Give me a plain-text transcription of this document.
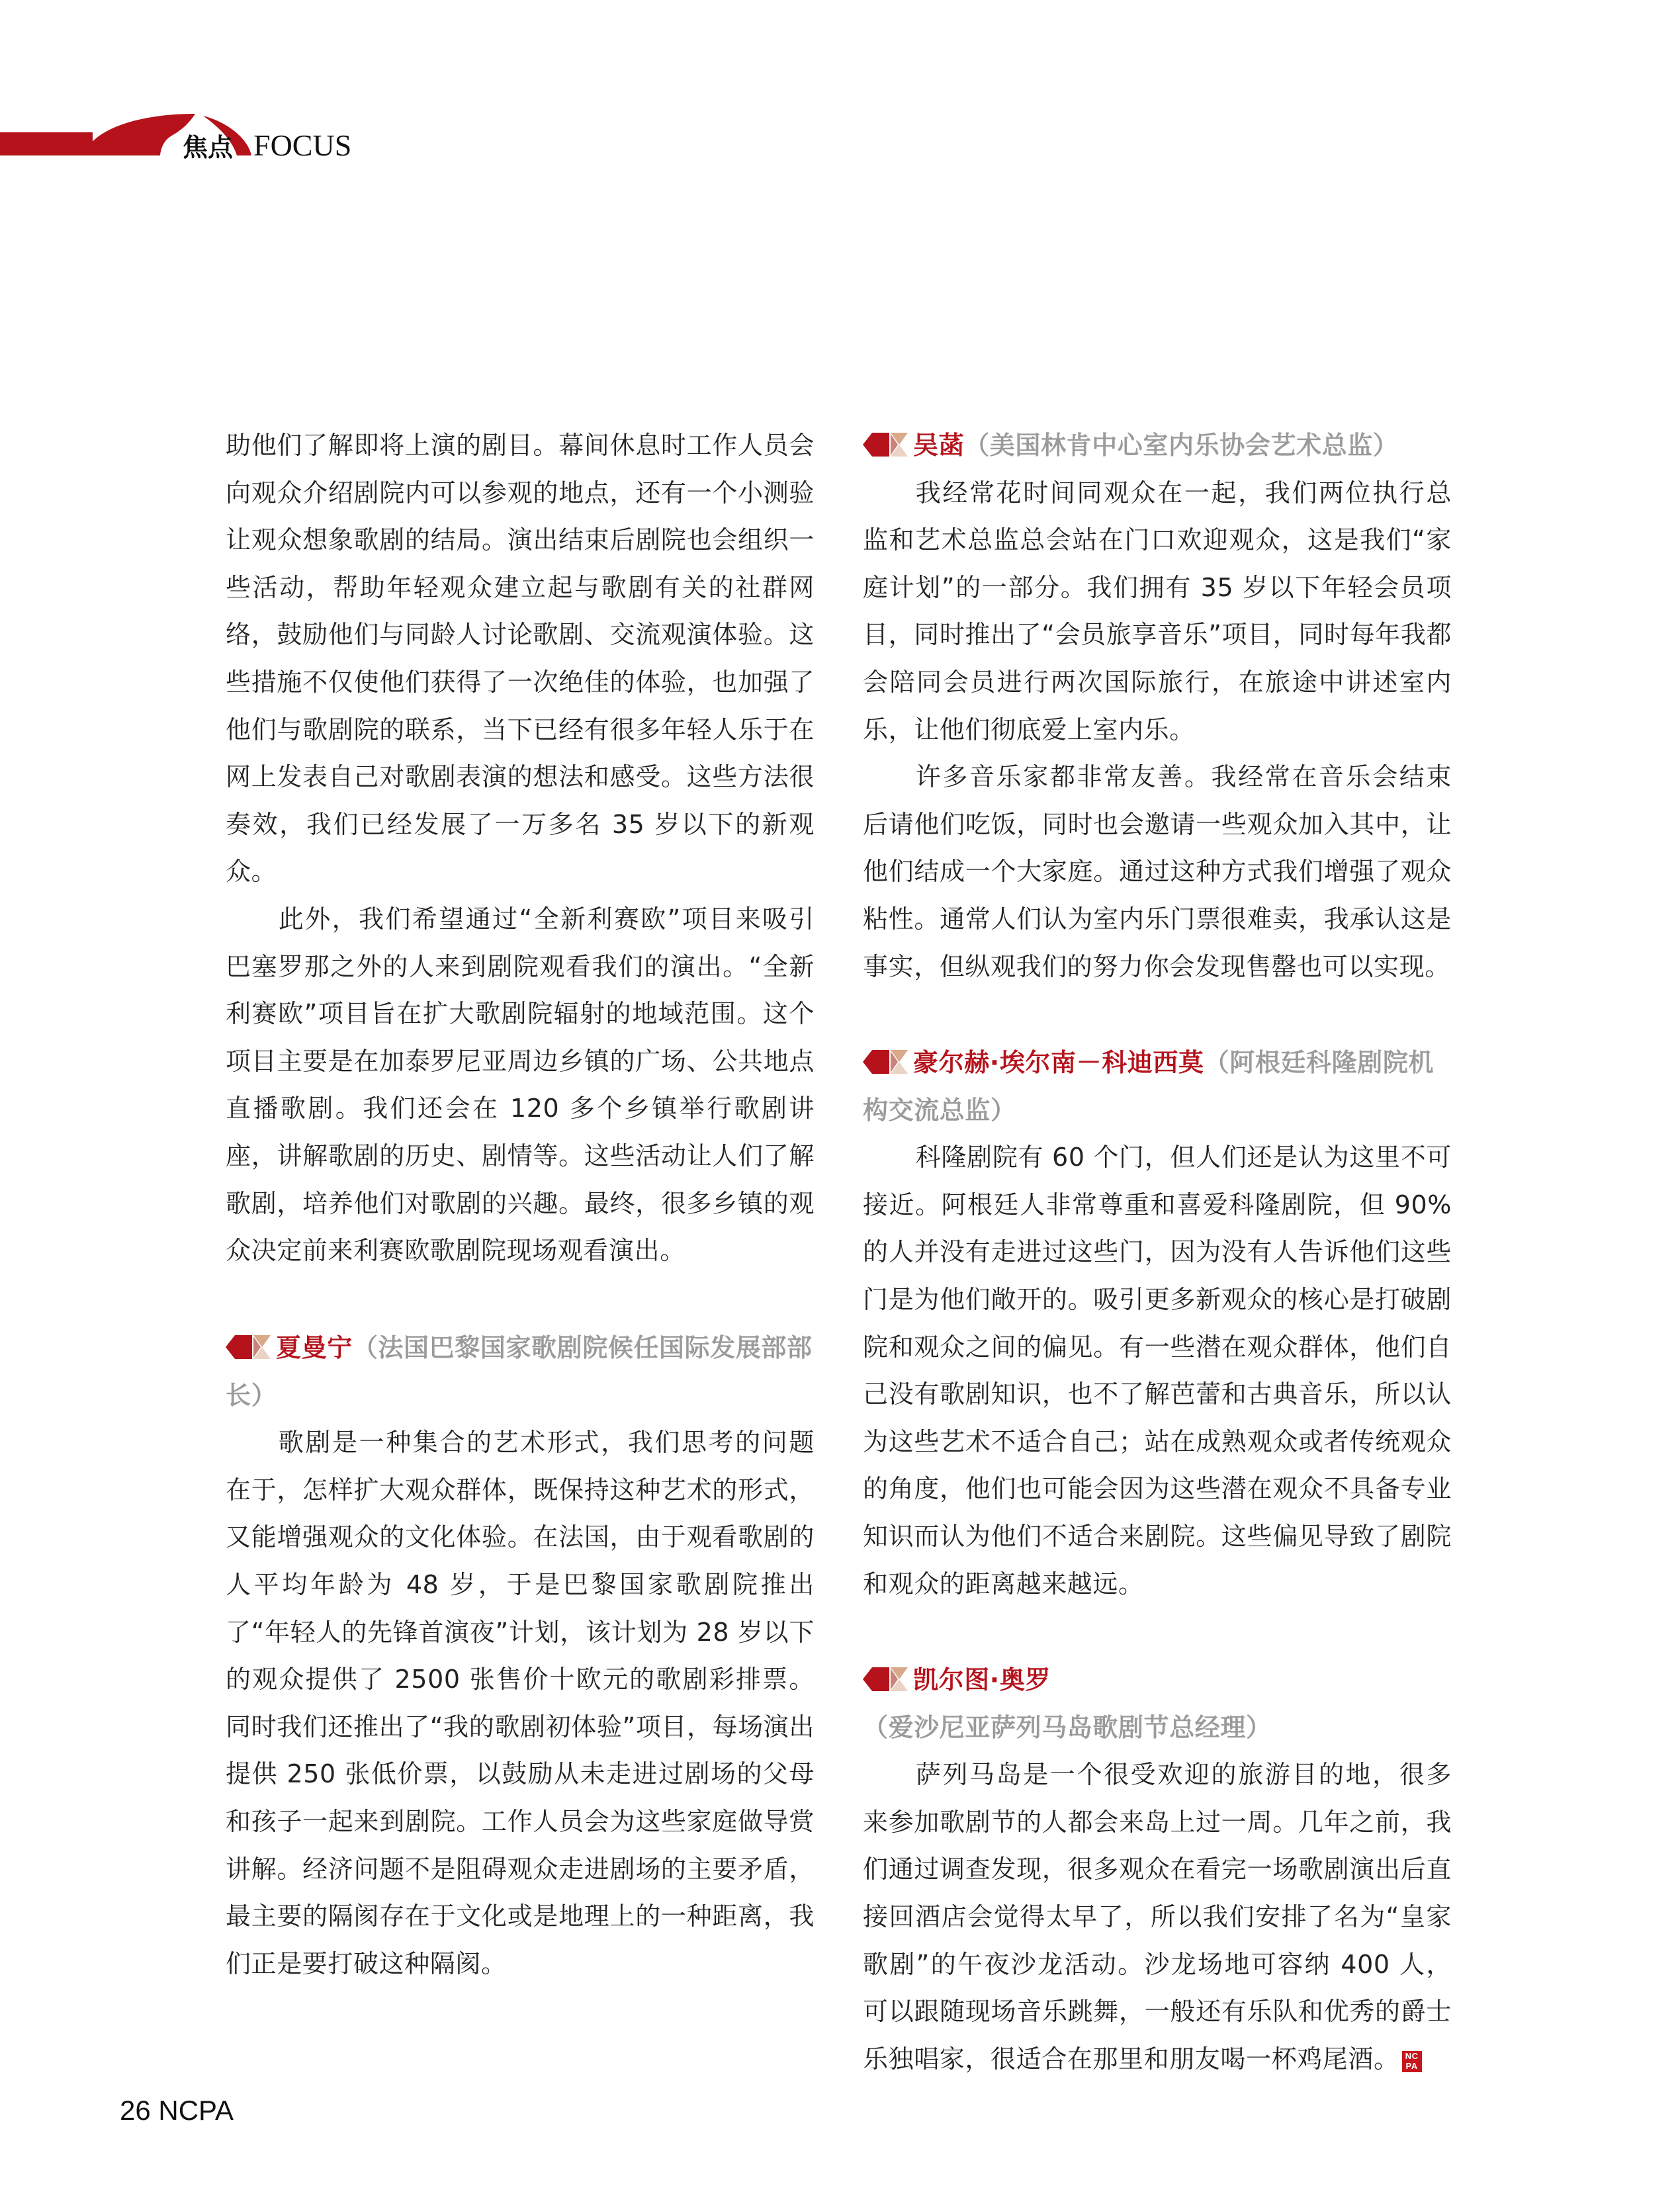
焦点 FOCUS

助他们了解即将上演的剧目。幕间休息时工作人员会向观众介绍剧院内可以参观的地点，还有一个小测验让观众想象歌剧的结局。演出结束后剧院也会组织一些活动，帮助年轻观众建立起与歌剧有关的社群网络，鼓励他们与同龄人讨论歌剧、交流观演体验。这些措施不仅使他们获得了一次绝佳的体验，也加强了他们与歌剧院的联系，当下已经有很多年轻人乐于在网上发表自己对歌剧表演的想法和感受。这些方法很奏效，我们已经发展了一万多名 35 岁以下的新观众。

此外，我们希望通过“全新利赛欧”项目来吸引巴塞罗那之外的人来到剧院观看我们的演出。“全新利赛欧”项目旨在扩大歌剧院辐射的地域范围。这个项目主要是在加泰罗尼亚周边乡镇的广场、公共地点直播歌剧。我们还会在 120 多个乡镇举行歌剧讲座，讲解歌剧的历史、剧情等。这些活动让人们了解歌剧，培养他们对歌剧的兴趣。最终，很多乡镇的观众决定前来利赛欧歌剧院现场观看演出。

夏曼宁（法国巴黎国家歌剧院候任国际发展部部长）

歌剧是一种集合的艺术形式，我们思考的问题在于，怎样扩大观众群体，既保持这种艺术的形式，又能增强观众的文化体验。在法国，由于观看歌剧的人平均年龄为 48 岁，于是巴黎国家歌剧院推出了“年轻人的先锋首演夜”计划，该计划为 28 岁以下的观众提供了 2500 张售价十欧元的歌剧彩排票。同时我们还推出了“我的歌剧初体验”项目，每场演出提供 250 张低价票，以鼓励从未走进过剧场的父母和孩子一起来到剧院。工作人员会为这些家庭做导赏讲解。经济问题不是阻碍观众走进剧场的主要矛盾，最主要的隔阂存在于文化或是地理上的一种距离，我们正是要打破这种隔阂。

吴菡（美国林肯中心室内乐协会艺术总监）

我经常花时间同观众在一起，我们两位执行总监和艺术总监总会站在门口欢迎观众，这是我们“家庭计划”的一部分。我们拥有 35 岁以下年轻会员项目，同时推出了“会员旅享音乐”项目，同时每年我都会陪同会员进行两次国际旅行，在旅途中讲述室内乐，让他们彻底爱上室内乐。

许多音乐家都非常友善。我经常在音乐会结束后请他们吃饭，同时也会邀请一些观众加入其中，让他们结成一个大家庭。通过这种方式我们增强了观众粘性。通常人们认为室内乐门票很难卖，我承认这是事实，但纵观我们的努力你会发现售罄也可以实现。

豪尔赫·埃尔南－科迪西莫（阿根廷科隆剧院机构交流总监）

科隆剧院有 60 个门，但人们还是认为这里不可接近。阿根廷人非常尊重和喜爱科隆剧院，但 90% 的人并没有走进过这些门，因为没有人告诉他们这些门是为他们敞开的。吸引更多新观众的核心是打破剧院和观众之间的偏见。有一些潜在观众群体，他们自己没有歌剧知识，也不了解芭蕾和古典音乐，所以认为这些艺术不适合自己；站在成熟观众或者传统观众的角度，他们也可能会因为这些潜在观众不具备专业知识而认为他们不适合来剧院。这些偏见导致了剧院和观众的距离越来越远。

凯尔图·奥罗（爱沙尼亚萨列马岛歌剧节总经理）

萨列马岛是一个很受欢迎的旅游目的地，很多来参加歌剧节的人都会来岛上过一周。几年之前，我们通过调查发现，很多观众在看完一场歌剧演出后直接回酒店会觉得太早了，所以我们安排了名为“皇家歌剧”的午夜沙龙活动。沙龙场地可容纳 400 人，可以跟随现场音乐跳舞，一般还有乐队和优秀的爵士乐独唱家，很适合在那里和朋友喝一杯鸡尾酒。 NC
PA

26 NCPA
